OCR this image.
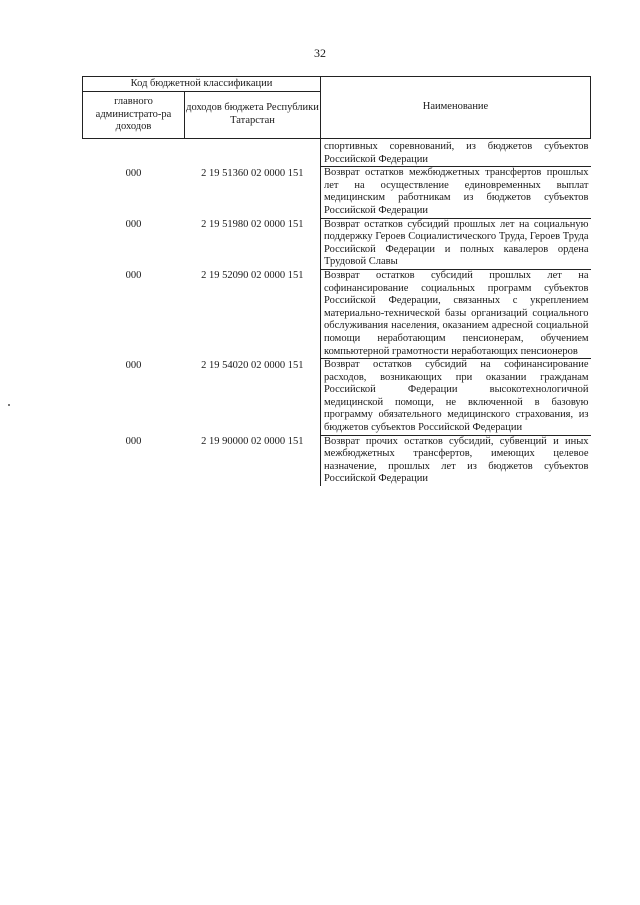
32
Код бюджетной классификации		Наименование
главного администрато-ра доходов	доходов бюджета Республики Татарстан	
		спортивных соревнований, из бюджетов субъектов Российской Федерации
000	2 19 51360 02 0000 151	Возврат остатков межбюджетных трансфертов прошлых лет на осуществление единовременных выплат медицинским работникам из бюджетов субъектов Российской Федерации
000	2 19 51980 02 0000 151	Возврат остатков субсидий прошлых лет на социальную поддержку Героев Социалистического Труда, Героев Труда Российской Федерации и полных кавалеров ордена Трудовой Славы
000	2 19 52090 02 0000 151	Возврат остатков субсидий прошлых лет на софинансирование социальных программ субъектов Российской Федерации, связанных с укреплением материально-технической базы организаций социального обслуживания населения, оказанием адресной социальной помощи неработающим пенсионерам, обучением компьютерной грамотности неработающих пенсионеров
000	2 19 54020 02 0000 151	Возврат остатков субсидий на софинансирование расходов, возникающих при оказании гражданам Российской Федерации высокотехнологичной медицинской помощи, не включенной в базовую программу обязательного медицинского страхования, из бюджетов субъектов Российской Федерации
000	2 19 90000 02 0000 151	Возврат прочих остатков субсидий, субвенций и иных межбюджетных трансфертов, имеющих целевое назначение, прошлых лет из бюджетов субъектов Российской Федерации
